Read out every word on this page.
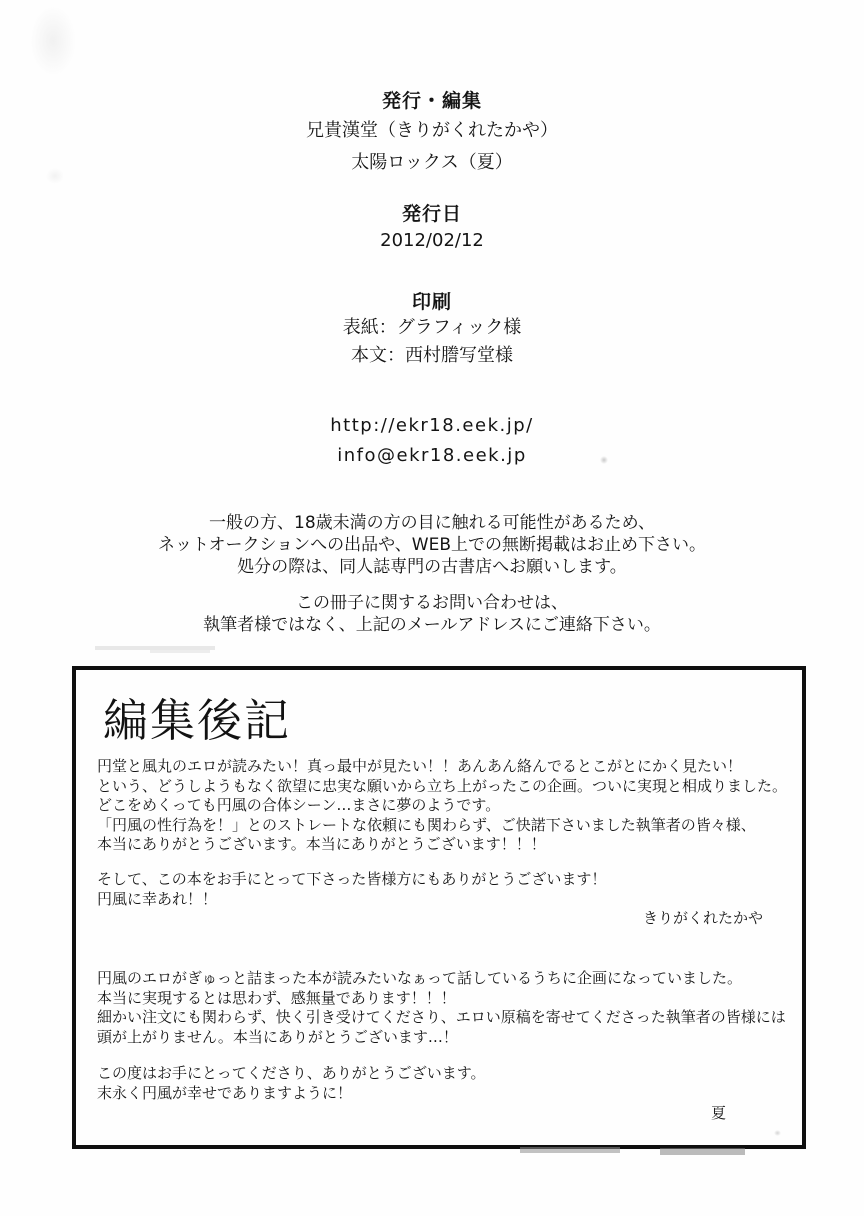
発行・編集
兄貴漢堂（きりがくれたかや）
太陽ロックス（夏）
発行日
2012/02/12
印刷
表紙：グラフィック様
本文：西村謄写堂様
http://ekr18.eek.jp/
info@ekr18.eek.jp
一般の方、18歳未満の方の目に触れる可能性があるため、
ネットオークションへの出品や、WEB上での無断掲載はお止め下さい。
処分の際は、同人誌専門の古書店へお願いします。
この冊子に関するお問い合わせは、
執筆者様ではなく、上記のメールアドレスにご連絡下さい。
編集後記
円堂と風丸のエロが読みたい！真っ最中が見たい！！あんあん絡んでるとこがとにかく見たい！
という、どうしようもなく欲望に忠実な願いから立ち上がったこの企画。ついに実現と相成りました。
どこをめくっても円風の合体シーン…まさに夢のようです。
「円風の性行為を！」とのストレートな依頼にも関わらず、ご快諾下さいました執筆者の皆々様、
本当にありがとうございます。本当にありがとうございます！！！
そして、この本をお手にとって下さった皆様方にもありがとうございます！
円風に幸あれ！！
きりがくれたかや
円風のエロがぎゅっと詰まった本が読みたいなぁって話しているうちに企画になっていました。
本当に実現するとは思わず、感無量であります！！！
細かい注文にも関わらず、快く引き受けてくださり、エロい原稿を寄せてくださった執筆者の皆様には
頭が上がりません。本当にありがとうございます…！
この度はお手にとってくださり、ありがとうございます。
末永く円風が幸せでありますように！
夏
